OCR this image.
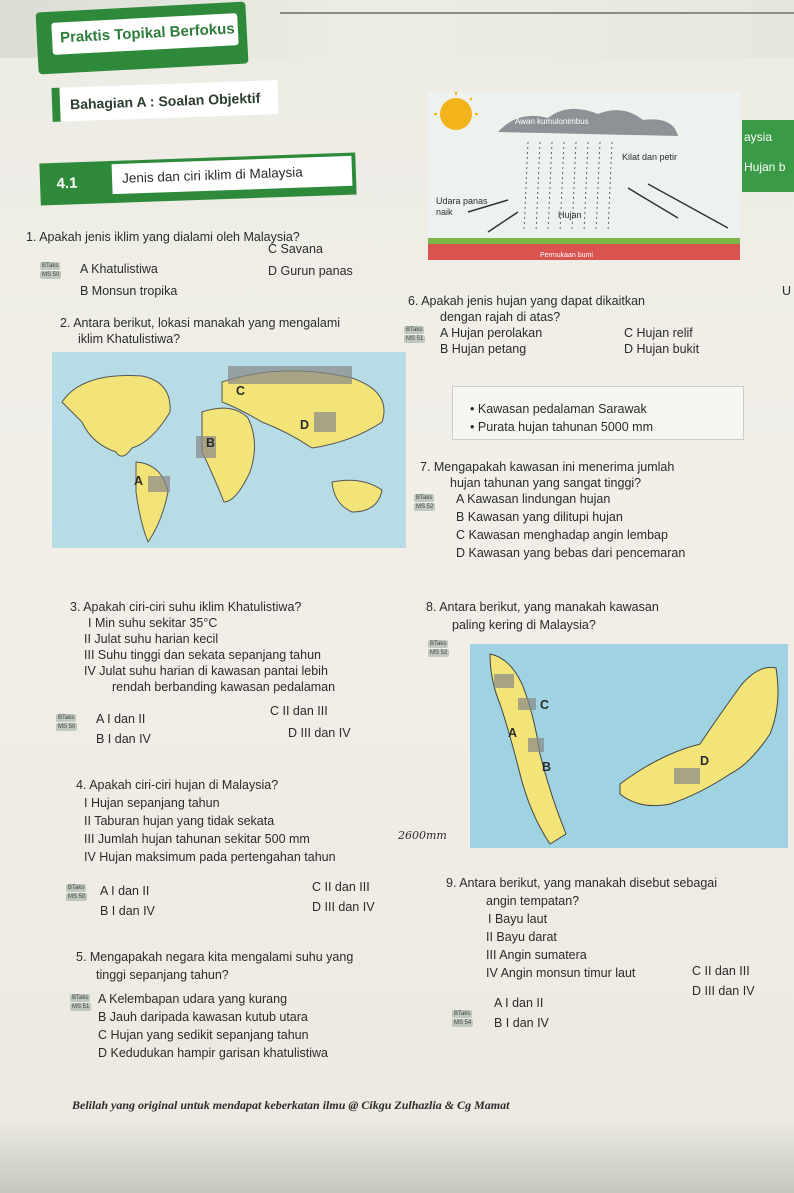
Praktis Topikal Berfokus
Bahagian A : Soalan Objektif
4.1	Jenis dan ciri iklim di Malaysia
aysia
Hujan b
U
Awan kumulonimbus
Kilat dan petir
Udara panas
naik	Hujan
Permukaan bumi
1. Apakah jenis iklim yang dialami oleh Malaysia?
BTaks
MS 50 A Khatulistiwa
B Monsun tropika
C Savana
D Gurun panas
2. Antara berikut, lokasi manakah yang mengalami
iklim Khatulistiwa?
C
D
B
A
3. Apakah ciri-ciri suhu iklim Khatulistiwa?
I Min suhu sekitar 35°C
II Julat suhu harian kecil
III Suhu tinggi dan sekata sepanjang tahun
IV Julat suhu harian di kawasan pantai lebih
rendah berbanding kawasan pedalaman
BTaks
MS 50
A I dan II
B I dan IV
C II dan III
D III dan IV
4. Apakah ciri-ciri hujan di Malaysia?
I Hujan sepanjang tahun
II Taburan hujan yang tidak sekata
III Jumlah hujan tahunan sekitar 500 mm	2600mm
IV Hujan maksimum pada pertengahan tahun
BTaks
MS 50 A I dan II
B I dan IV
C II dan III
D III dan IV
5. Mengapakah negara kita mengalami suhu yang
tinggi sepanjang tahun?
BTaks
MS 51
A Kelembapan udara yang kurang
B Jauh daripada kawasan kutub utara
C Hujan yang sedikit sepanjang tahun
D Kedudukan hampir garisan khatulistiwa
6. Apakah jenis hujan yang dapat dikaitkan
dengan rajah di atas?
BTaks
MS 51 A Hujan perolakan
B Hujan petang
C Hujan relif
D Hujan bukit
• Kawasan pedalaman Sarawak
• Purata hujan tahunan 5000 mm
7. Mengapakah kawasan ini menerima jumlah
hujan tahunan yang sangat tinggi?
BTaks
MS 52
A Kawasan lindungan hujan
B Kawasan yang dilitupi hujan
C Kawasan menghadap angin lembap
D Kawasan yang bebas dari pencemaran
8. Antara berikut, yang manakah kawasan
paling kering di Malaysia?
BTaks
MS 52
C
A
B	D
9. Antara berikut, yang manakah disebut sebagai
angin tempatan?
I Bayu laut
II Bayu darat
III Angin sumatera
IV Angin monsun timur laut
BTaks
MS 54
A I dan II
B I dan IV
C II dan III
D III dan IV
Belilah yang original untuk mendapat keberkatan ilmu @ Cikgu Zulhazlia & Cg Mamat
